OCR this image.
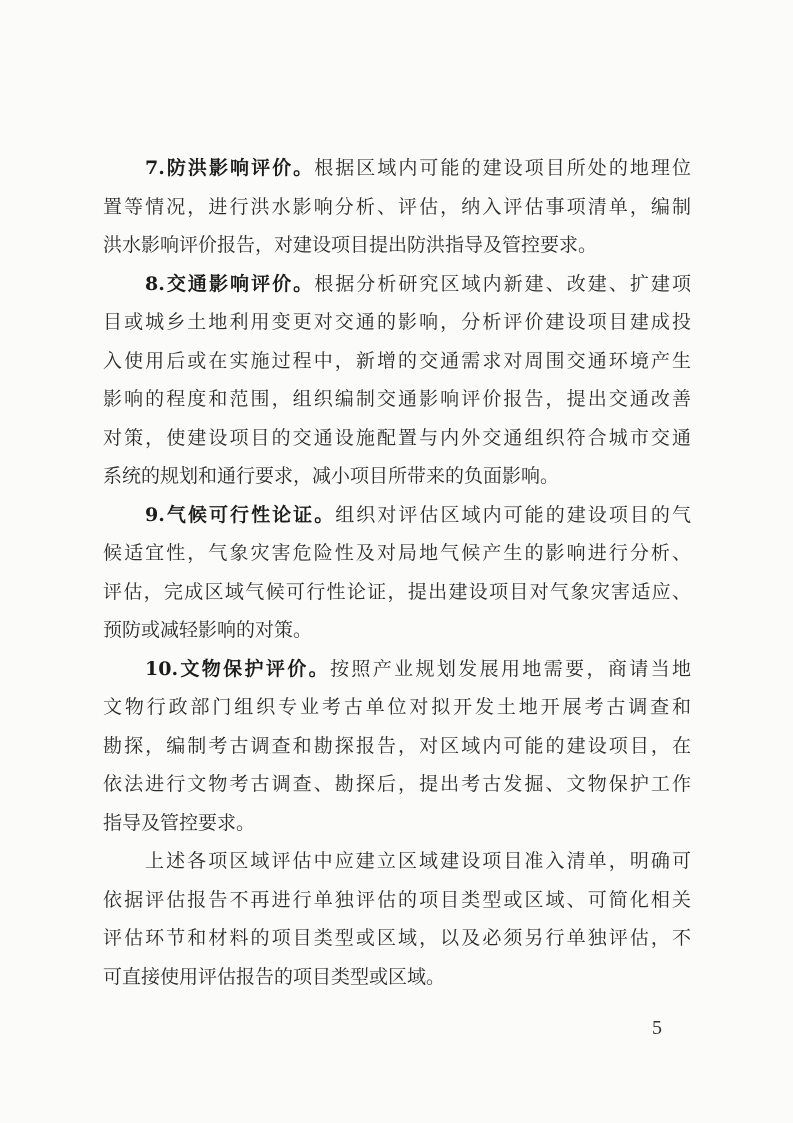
7.防洪影响评价。根据区域内可能的建设项目所处的地理位
置等情况，进行洪水影响分析、评估，纳入评估事项清单，编制
洪水影响评价报告，对建设项目提出防洪指导及管控要求。
8.交通影响评价。根据分析研究区域内新建、改建、扩建项
目或城乡土地利用变更对交通的影响，分析评价建设项目建成投
入使用后或在实施过程中，新增的交通需求对周围交通环境产生
影响的程度和范围，组织编制交通影响评价报告，提出交通改善
对策，使建设项目的交通设施配置与内外交通组织符合城市交通
系统的规划和通行要求，减小项目所带来的负面影响。
9.气候可行性论证。组织对评估区域内可能的建设项目的气
候适宜性，气象灾害危险性及对局地气候产生的影响进行分析、
评估，完成区域气候可行性论证，提出建设项目对气象灾害适应、
预防或减轻影响的对策。
10.文物保护评价。按照产业规划发展用地需要，商请当地
文物行政部门组织专业考古单位对拟开发土地开展考古调查和
勘探，编制考古调查和勘探报告，对区域内可能的建设项目，在
依法进行文物考古调查、勘探后，提出考古发掘、文物保护工作
指导及管控要求。
上述各项区域评估中应建立区域建设项目准入清单，明确可
依据评估报告不再进行单独评估的项目类型或区域、可简化相关
评估环节和材料的项目类型或区域，以及必须另行单独评估，不
可直接使用评估报告的项目类型或区域。
5
